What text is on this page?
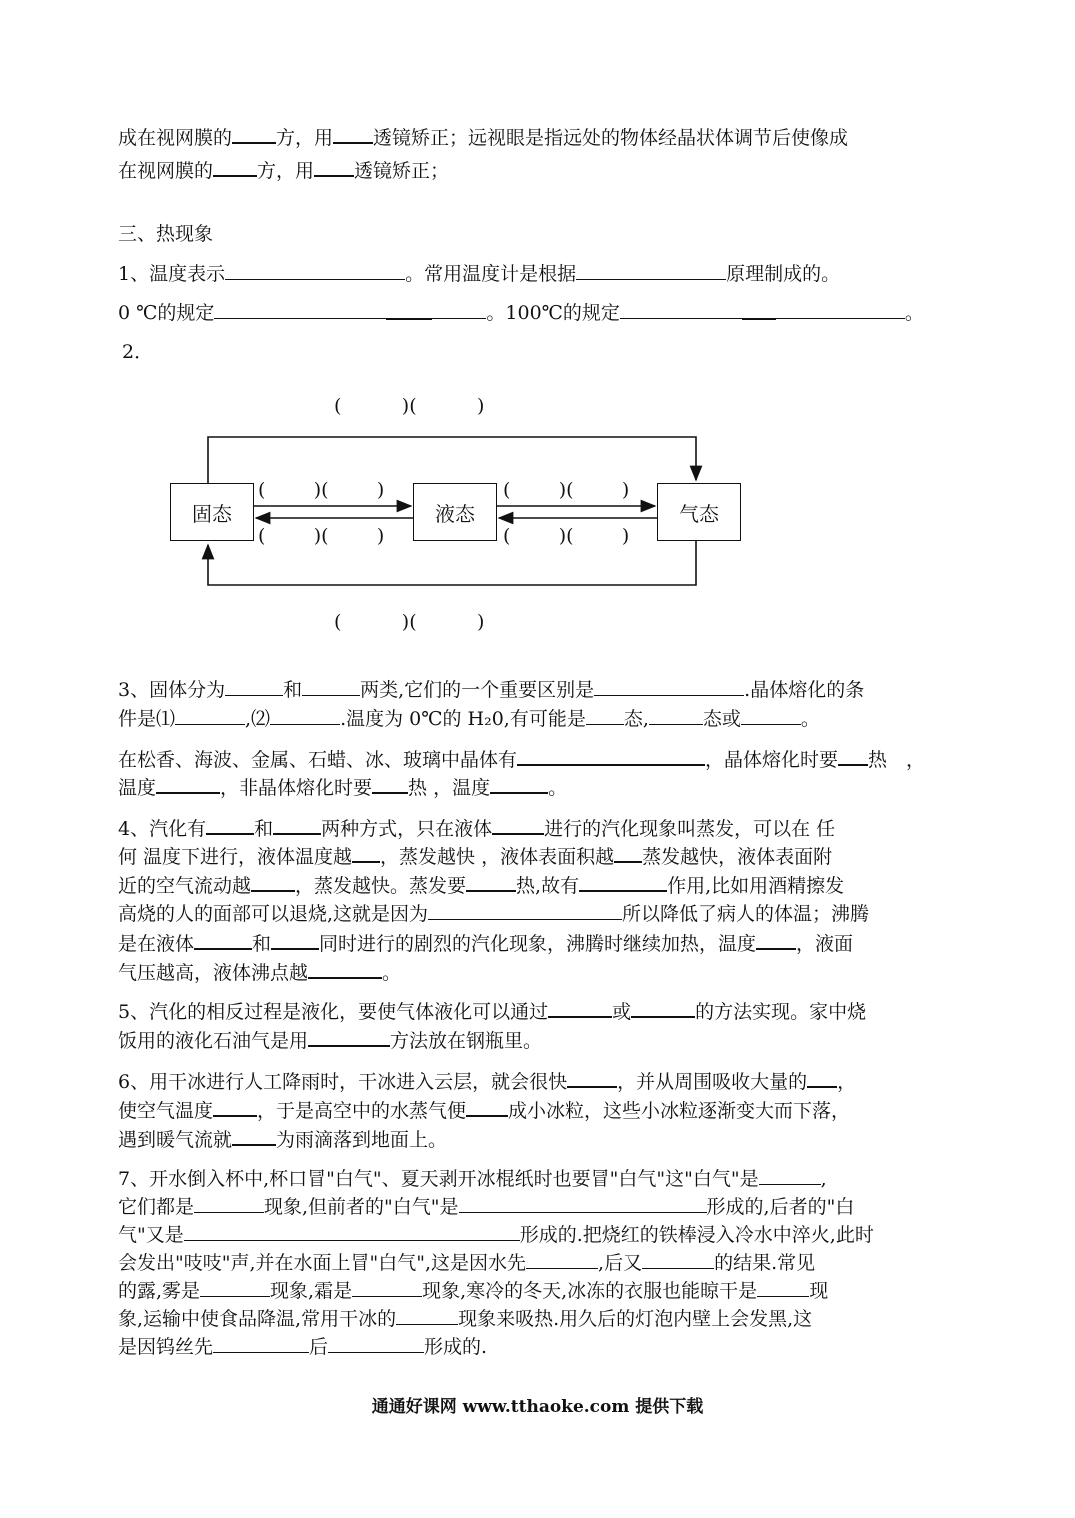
成在视网膜的 方，用 透镜矫正；远视眼是指远处的物体经晶状体调节后使像成
在视网膜的 方，用 透镜矫正；
三、热现象
1、温度表示	。常用温度计是根据	原理制成的。
0 ℃的规定	。100℃的规定	。
2．
固态	液态	气态
(          )(          )
(          )(          )
(        )(        )
(        )(        )
(        )(        )
(        )(        )
3、固体分为	和	两类,它们的一个重要区别是	.晶体熔化的条
件是⑴	,⑵	.温度为 0℃的 H₂0,有可能是 态,	态或	。
在松香、海波、金属、石蜡、冰、玻璃中晶体有	，晶体熔化时要 热　，
温度	，非晶体熔化时要 热 ，温度	。
4、汽化有	和	两种方式，只在液体	进行的汽化现象叫蒸发，可以在 任
何 温度下进行，液体温度越 ，蒸发越快 ，液体表面积越 蒸发越快，液体表面附
近的空气流动越 ，蒸发越快。蒸发要	热,故有	作用,比如用酒精擦发
高烧的人的面部可以退烧,这就是因为	所以降低了病人的体温；沸腾
是在液体	和	同时进行的剧烈的汽化现象，沸腾时继续加热，温度 ，液面
气压越高，液体沸点越	。
5、汽化的相反过程是液化，要使气体液化可以通过	或	的方法实现。家中烧
饭用的液化石油气是用	方法放在钢瓶里。
6、用干冰进行人工降雨时，干冰进入云层，就会很快	，并从周围吸收大量的 ，
使空气温度 ，于是高空中的水蒸气便 成小冰粒，这些小冰粒逐渐变大而下落，
遇到暖气流就 为雨滴落到地面上。
7、开水倒入杯中,杯口冒"白气"、夏天剥开冰棍纸时也要冒"白气"这"白气"是	,
它们都是	现象,但前者的"白气"是	形成的,后者的"白
气"又是	形成的.把烧红的铁棒浸入冷水中淬火,此时
会发出"吱吱"声,并在水面上冒"白气",这是因水先	,后又	的结果.常见
的露,雾是	现象,霜是	现象,寒冷的冬天,冰冻的衣服也能晾干是	现
象,运输中使食品降温,常用干冰的	现象来吸热.用久后的灯泡内壁上会发黑,这
是因钨丝先	后	形成的.
通通好课网 www.tthaoke.com 提供下载
